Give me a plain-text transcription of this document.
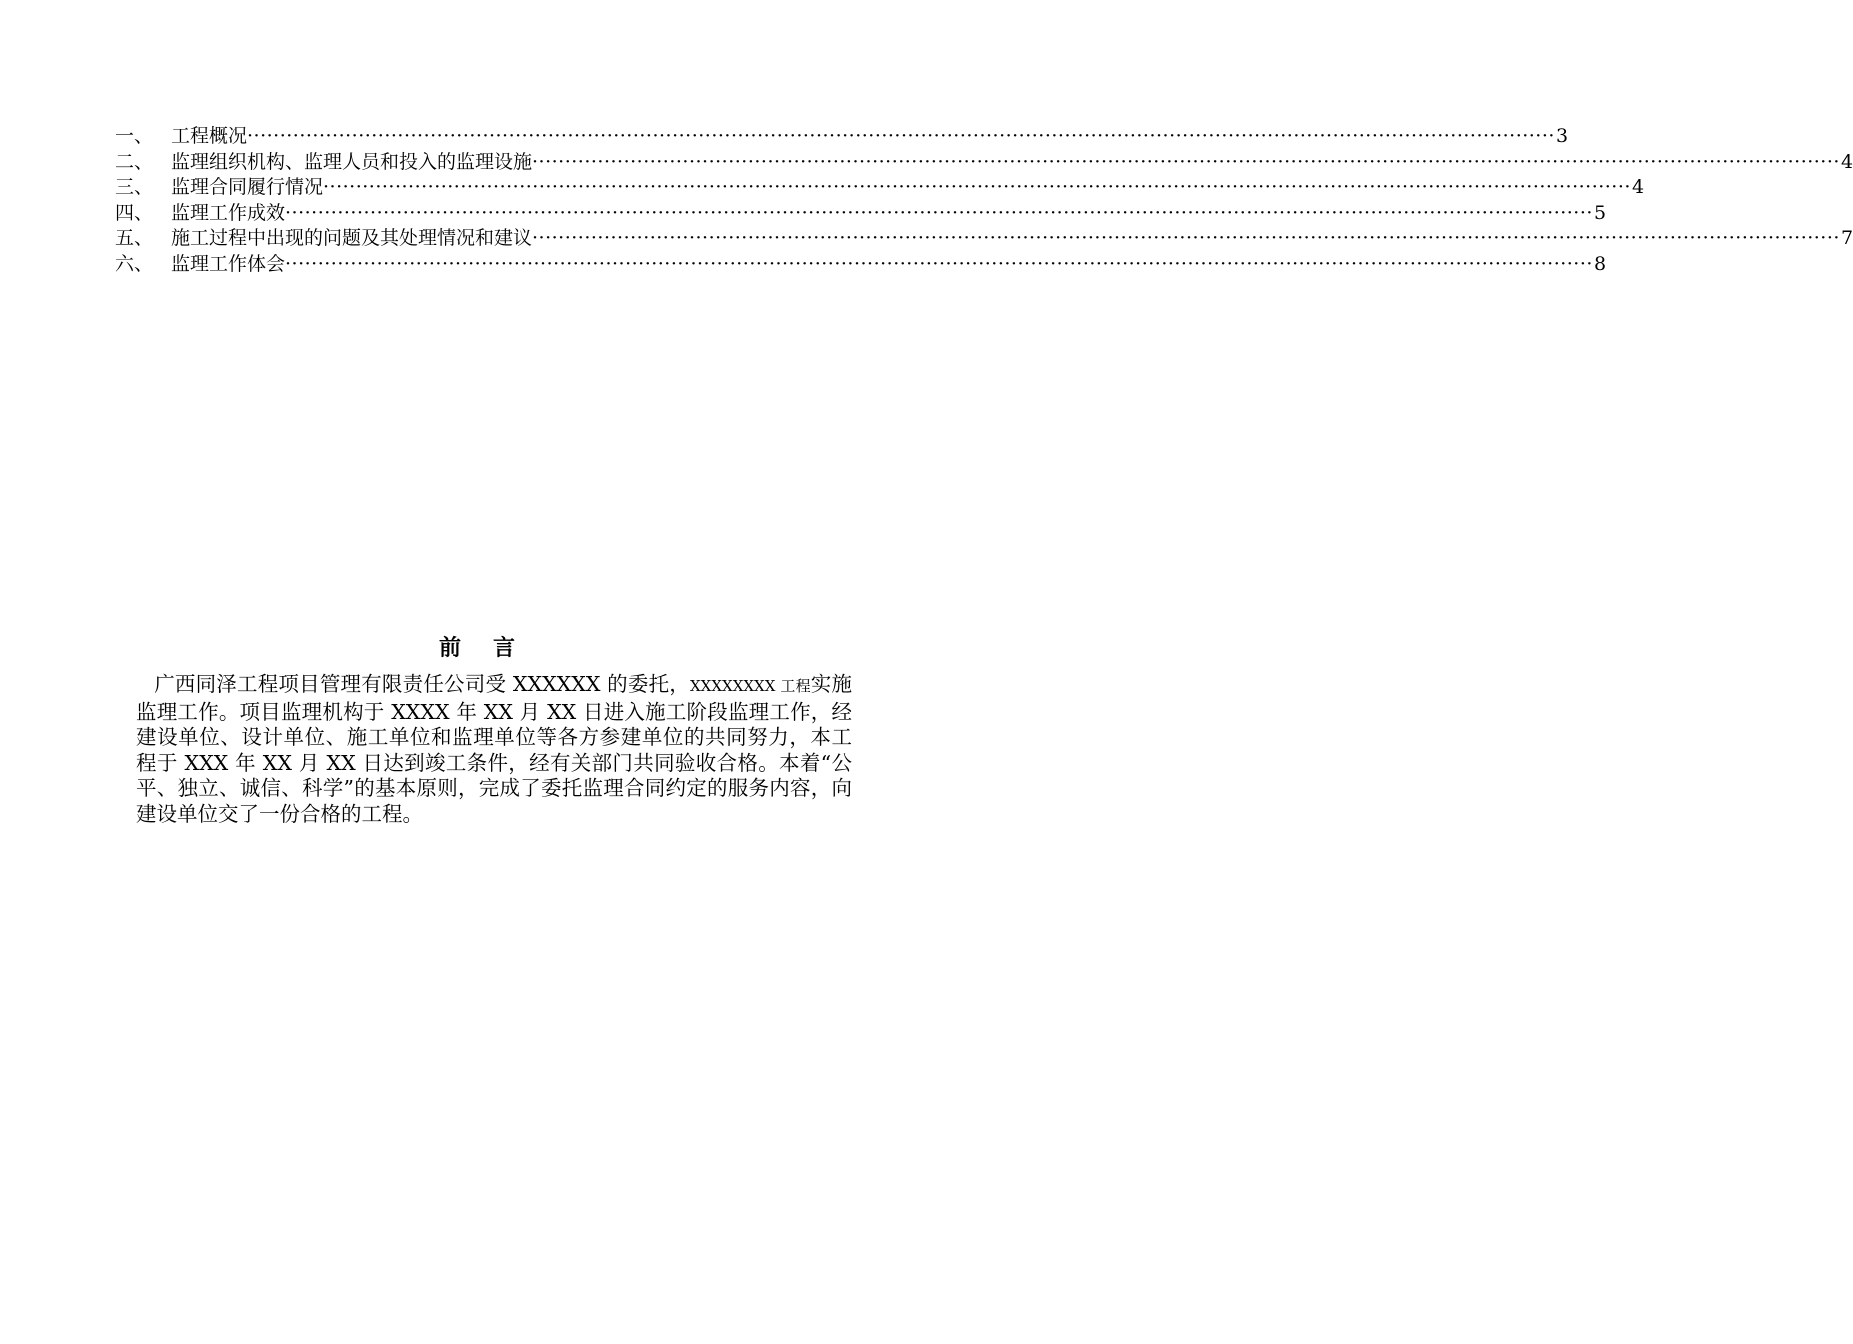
一、 工程概况 ········································································································································································································ 3
二、 监理组织机构、监理人员和投入的监理设施 ········································································································································································································ 4
三、 监理合同履行情况 ········································································································································································································ 4
四、 监理工作成效 ········································································································································································································ 5
五、 施工过程中出现的问题及其处理情况和建议 ········································································································································································································ 7
六、 监理工作体会 ········································································································································································································ 8
前言
广西同泽工程项目管理有限责任公司受 XXXXXX 的委托，XXXXXXXX 工程实施监理工作。项目监理机构于 XXXX 年 XX 月 XX 日进入施工阶段监理工作，经建设单位、设计单位、施工单位和监理单位等各方参建单位的共同努力，本工程于 XXX 年 XX 月 XX 日达到竣工条件，经有关部门共同验收合格。本着“公平、独立、诚信、科学”的基本原则，完成了委托监理合同约定的服务内容，向建设单位交了一份合格的工程。
